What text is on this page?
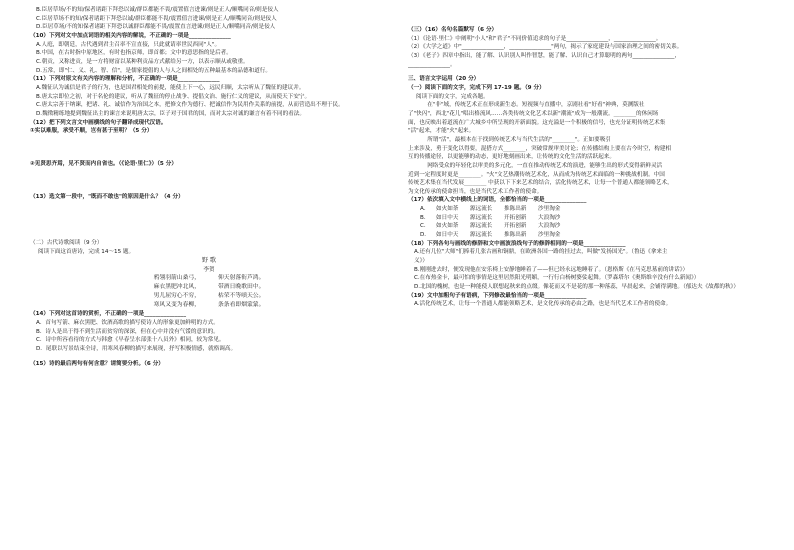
B.臣居草场/不的知/保者诸距下拜恐以诚/群臣都能不畏/震置值言进谏/则是正人/顺嘴同音/则是佞人
C.臣居草场不的知/保者诸距下拜恐以诚/群臣都能不畏/震置值言进谏/则是正人/顺嘴同音/则是佞人
D.臣居草场/不的知保者诸距下拜恐以诚群臣都能不畏/震置直言进谏/则是正人/顺嘴同音/则是佞人
（10）下列对文中加点词语的相关内容的解说，不正确的一项是_______________
A.人庭，即朝廷，古代遇到君主召率不宣直接，只此就请率世民西同"人"。
B.中国，在古时指中原地区，有时也指京师，即首都；文中的意思指的是后者。
C.朝贡，又称进贡，是一方将财富以某种利贡品方式献给另一方，以表示顺从或敬重。
D.五常，即"仁、义、礼、智、信"，是儒家提倡的人与人之间相处的五种最基本的品德和道行。
（11）下列对原文有关内容的理解和分析，不正确的一项是_______________
A.魏征认为诚信是君子的行为，也是国君相处的前提，能使上下一心，远民归顺，太宗听从了魏征的建议并。
B.唐太宗即位之初，对于名伦的建议，听从了魏征的停止战争、提倡文治、施行仁义的建议，从而使天下安宁。
C.唐太宗善于纳谏，把诸、礼、诚信作为治国之本，把修文作为德行、把诚信作为民用作关系的前提，从而营造出不理于民。
D.魏徵精练地提到魏征出主的谏言来说明唐太宗，臣子对于国君的国，而对太宗对诚的谦言有着不同的看法。
（12）把下列文言文中画横线的句子翻译成现代汉语。
①实以难服，承受不顺，岂有甚于至明？（5 分）
②见贤思齐焉，见不贤而内自省也。（《论语·里仁》）（5 分）
（13）选文第一段中，"既而不敢也"的原因是什么？（4 分）
（二）古代诗歌阅读（9 分）
阅读下面这首唐诗，完成 14～15 题。
野 歌
李贺
鸦翎羽箭山桑弓，	仰天射落衔芦鸿。
麻衣黑肥冲北风，	带酒日晚歌田中。
男儿屈穷心不穷，	枯荣不等嗔天公。
寒风又变为春柳，	条条看即烟蒙蒙。
（14）下列对这首诗的赏析，不正确的一项是_______________
A．首句写箭、麻衣黑肥、饮酒高歌的描写使诗人的形象更加鲜明的方式。
B．诗人是出于得不到生活而贫穷的深深，但在心中并没有气馁的意识的。
C．诗中所容看待的方式与韩愈《早春呈水部张十八员外》相同，较为常见。
D．尾联以写景结束全诗，用寒风春柳的描写来展现，抒写积极情感，就格调高。
（15）诗的最后两句有何含意？请简要分析。（6 分）
（三）（16）名句名篇默写（6 分）
（1）《论语·里仁》中阐明"小人"和"君子"不同价值追求的句子是_______________，_______________。
（2）《大学之道》中"_______________，_______________"两句，揭示了家庭建设与国家治理之间的密切关系。
（3）《老子》四章中指出，能了解、认识别人叫作智慧，能了解、认识自己才算聪明的两句_______________，
_______________。
三、语言文字运用（20 分）
（一）阅读下面的文字，完成下列 17-19 题。（9 分）
阅读下面的文字，完成各题。
　　在"非"域，传统艺术正在形成新生态。短视频与直播中，京剧社看"好看"神典，莫测版社
了"快闪"，西北"花儿"唱出格流风……各类传统文化艺术以新"潮流"成为一般潮流。________的休闲场
面，也反映出着道流在广大城乡中所呈现的开新面貌。这充溢是一个积极的信号，也充分证明传统艺术集
"活"起来，才能"火"起来。
　　所谓"活"，最根本在于找到传统艺术与当代生活的"________"。正如要吸引
上来涉及，勇于变化以得要，混搭方式________，突破常规审美讨论；在传播结构上要在古今时空，构建相
互的传播途径，以更能够的动态，更好地刻画出来，让传统的文化生活的活跃起来。
　　网络受众的年轻化以审美的多元化，一直在推动传统艺术的演进，能够生出的形式变得新鲜灵活
近到一定程度时更是________。"火"文艺热潮传统艺术化，从而成为传统艺术面临的一种挑战机制。中国
传统艺术集在当代发展________ 中获以下下来艺术的结合，活化传统艺术，让每一个普通人都能领略艺术，
为文化传承的使命担当，也是当代艺术工作者的使命。
（17）依次填入文中横线上的词语，全都恰当的一项是_______________
A．	如火如荼	源远流长	推陈出新	沙里淘金
B．	如日中天	源远流长	开拓创新	大浪淘沙
C．	如火如荼	源远流长	开拓创新	大浪淘沙
D．	如日中天	源远流长	推陈出新	沙里淘金
（18）下列各句与画线的修辞和文中画波浪线句子的修辞相同的一项是_______________
A.还有几位"大师"们捧着几张古画和铜鼎，在欧洲各国一路的挂过去，叫做"发扬国光"。（鲁迅《拿来主
义》）
B.刚刚进去时，便发现他在安乐椅上安静地睡着了——但已经永远地睡着了。（恩格斯《在马克思墓前的讲话》）
C.在布热金卡，最可怕的事情是这里居然阳光明媚，一行行白杨树婆娑起舞。（罗森塔尔《奥斯维辛没有什么新闻》）
D.北国的槐树，也是一种能使人联想起秋来的点缀。像花而又不是花的那一种落蕊，早晨起来，会铺得满地。（郁达夫《故都的秋》）
（19）文中加粗句子有语病，下列修改最恰当的一项是_______________
A.活化传统艺术，让每一个普通人都能领略艺术，是文化传承的必由之路，也是当代艺术工作者的使命。
